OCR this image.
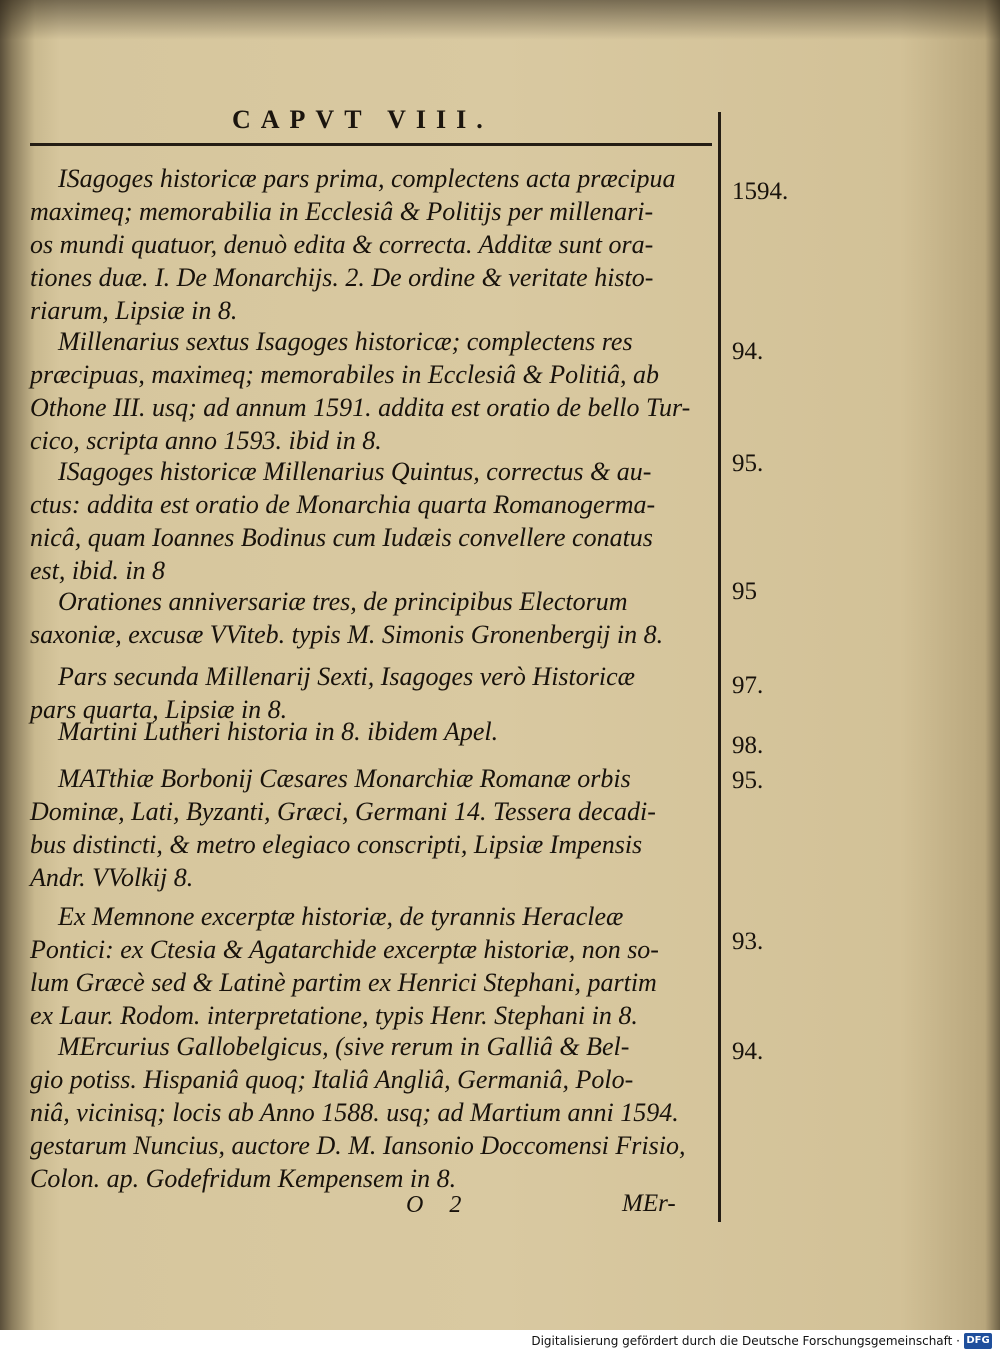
CAPVT VIII.
ISagoges historicæ pars prima, complectens acta præcipua
maximeq; memorabilia in Ecclesiâ & Politijs per millenari-
os mundi quatuor, denuò edita & correcta. Additæ sunt ora-
tiones duæ. I. De Monarchijs. 2. De ordine & veritate histo-
riarum, Lipsiæ in 8.
Millenarius sextus Isagoges historicæ; complectens res
præcipuas, maximeq; memorabiles in Ecclesiâ & Politiâ, ab
Othone III. usq; ad annum 1591. addita est oratio de bello Tur-
cico, scripta anno 1593. ibid in 8.
ISagoges historicæ Millenarius Quintus, correctus & au-
ctus: addita est oratio de Monarchia quarta Romanogerma-
nicâ, quam Ioannes Bodinus cum Iudæis convellere conatus
est, ibid. in 8
Orationes anniversariæ tres, de principibus Electorum
saxoniæ, excusæ VViteb. typis M. Simonis Gronenbergij in 8.
Pars secunda Millenarij Sexti, Isagoges verò Historicæ
pars quarta, Lipsiæ in 8.
Martini Lutheri historia in 8. ibidem Apel.
MATthiæ Borbonij Cæsares Monarchiæ Romanæ orbis
Dominæ, Lati, Byzanti, Græci, Germani 14. Tessera decadi-
bus distincti, & metro elegiaco conscripti, Lipsiæ Impensis
Andr. VVolkij 8.
Ex Memnone excerptæ historiæ, de tyrannis Heracleæ
Pontici: ex Ctesia & Agatarchide excerptæ historiæ, non so-
lum Græcè sed & Latinè partim ex Henrici Stephani, partim
ex Laur. Rodom. interpretatione, typis Henr. Stephani in 8.
MErcurius Gallobelgicus, (sive rerum in Galliâ & Bel-
gio potiss. Hispaniâ quoq; Italiâ Angliâ, Germaniâ, Polo-
niâ, vicinisq; locis ab Anno 1588. usq; ad Martium anni 1594.
gestarum Nuncius, auctore D. M. Iansonio Doccomensi Frisio,
Colon. ap. Godefridum Kempensem in 8.
1594.
94.
95.
95
97.
98.
95.
93.
94.
O 2	MEr-
Digitalisierung gefördert durch die Deutsche Forschungsgemeinschaft · DFG
